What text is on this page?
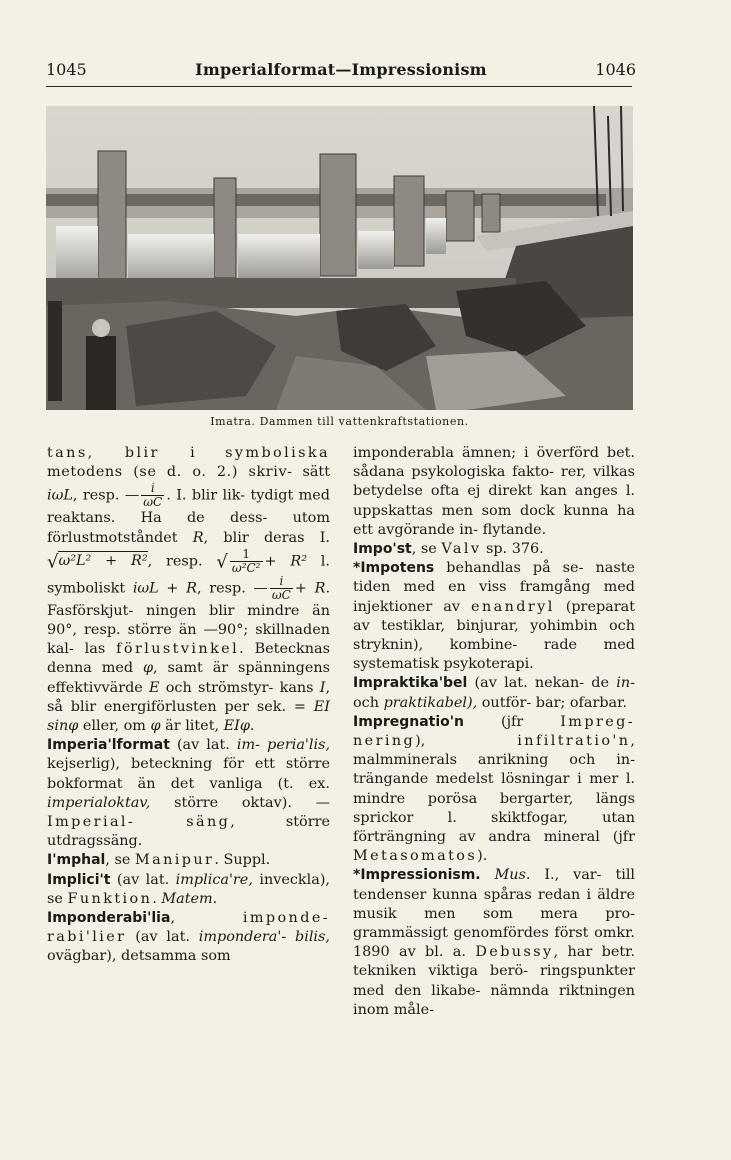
1045	Imperialformat—Impressionism	1046
Imatra. Dammen till vattenkraftstationen.

tans, blir i symboliska metodens (se d. o. 2.) skriv- sätt iωL, resp. — $\frac{i}{\omega C}$ . I. blir lik- tydigt med reaktans. Ha de dess- utom förlustmotståndet R, blir deras I. √ω²L² + R², resp. √ $\frac{1}{\text{ω²C²}} + R^2$ l. symboliskt iωL + R, resp. — $\frac{i}{\omega C} + R$. Fasförskjut- ningen blir mindre än 90°, resp. större än —90°; skillnaden kal- las förlustvinkel. Betecknas denna med φ, samt är spänningens effektivvärde E och strömstyr- kans I, så blir energiförlusten per sek. = EI sinφ eller, om φ är litet, EIφ.

Imperia'lformat (av lat. im- peria'lis, kejserlig), beteckning för ett större bokformat än det vanliga (t. ex. imperialoktav, större oktav). — Imperial-	säng, större utdragssäng.

I'mphal, se Manipur. Suppl.

Implici't (av lat. implica're, inveckla), se Funktion. Matem.

Imponderabi'lia,	imponde- rabi'lier (av lat. impondera'- bilis, ovägbar), detsamma som

imponderabla ämnen; i överförd bet. sådana psykologiska fakto- rer, vilkas betydelse ofta ej direkt kan anges l. uppskattas men som dock kunna ha ett avgörande in- flytande.

Impo'st, se Valv sp. 376.

*Impotens behandlas på se- naste tiden med en viss framgång med injektioner av enandryl (preparat av testiklar, binjurar, yohimbin och stryknin), kombine- rade med systematisk psykoterapi.

Impraktika'bel (av lat. nekan- de in- och praktikabel), outför- bar; ofarbar.

Impregnatio'n (jfr	Impreg- nering),	infiltratio'n, malmminerals anrikning och in- trängande medelst lösningar i mer l. mindre porösa bergarter, längs sprickor l. skiktfogar, utan förträngning av andra mineral (jfr Metasomatos).

*Impressionism. Mus. I., var- till tendenser kunna spåras redan i äldre musik men som mera pro- grammässigt genomfördes först omkr. 1890 av bl. a. Debussy, har betr. tekniken viktiga berö- ringspunkter med den likabe- nämnda riktningen inom måle-
